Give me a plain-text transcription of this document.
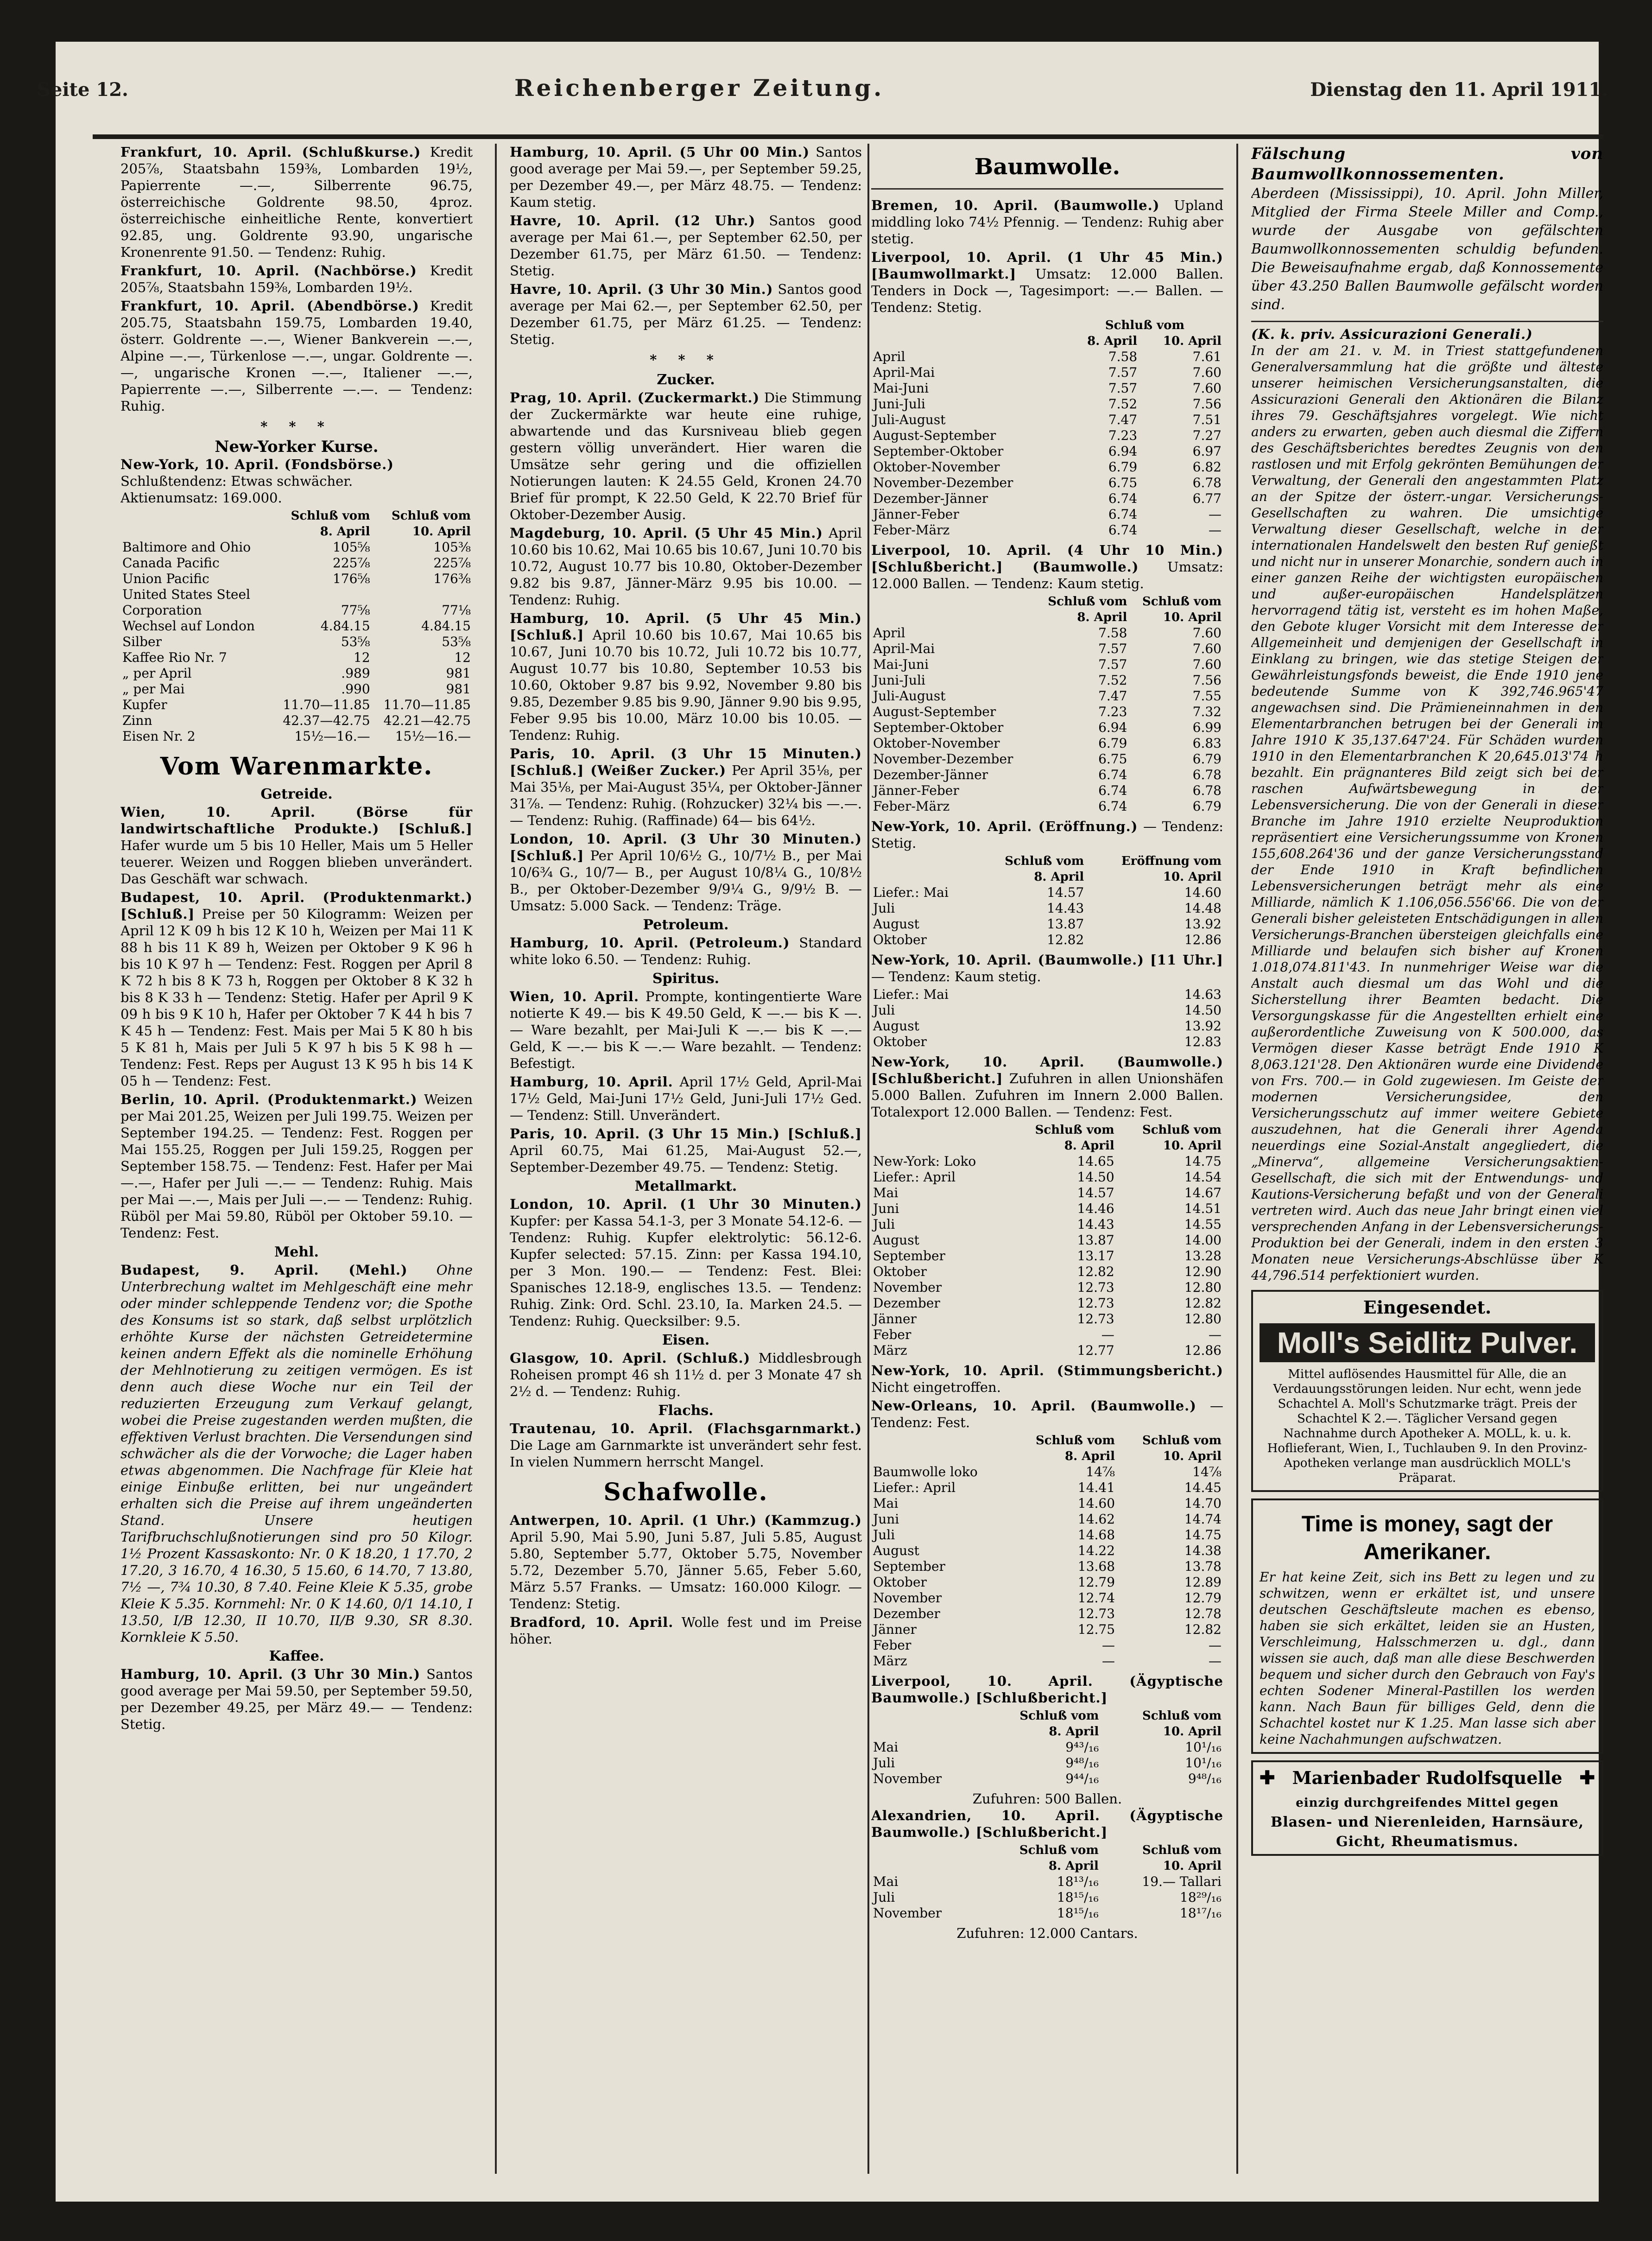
Seite 12.	Reichenberger Zeitung.	Dienstag den 11. April 1911.
Frankfurt, 10. April. (Schlußkurse.) Kredit 205⅞, Staatsbahn 159⅜, Lombarden 19½, Papierrente —.—, Silberrente 96.75, österreichische Goldrente 98.50, 4proz. österreichische einheitliche Rente, konvertiert 92.85, ung. Goldrente 93.90, ungarische Kronenrente 91.50. — Tendenz: Ruhig.
Frankfurt, 10. April. (Nachbörse.) Kredit 205⅞, Staatsbahn 159⅜, Lombarden 19½.
Frankfurt, 10. April. (Abendbörse.) Kredit 205.75, Staatsbahn 159.75, Lombarden 19.40, österr. Goldrente —.—, Wiener Bankverein —.—, Alpine —.—, Türkenlose —.—, ungar. Goldrente —.—, ungarische Kronen —.—, Italiener —.—, Papierrente —.—, Silberrente —.—. — Tendenz: Ruhig.
* * *
New-Yorker Kurse.
New-York, 10. April. (Fondsbörse.)
Schlußtendenz: Etwas schwächer.
Aktienumsatz: 169.000.
	Schluß vom	Schluß vom
	8. April	10. April
Baltimore and Ohio	105⅝	105⅜
Canada Pacific	225⅞	225⅞
Union Pacific	176⅝	176⅜
United States Steel		
Corporation	77⅝	77⅛
Wechsel auf London	4.84.15	4.84.15
Silber	53⅝	53⅝
Kaffee Rio Nr. 7	12	12
„ per April	.989	981
„ per Mai	.990	981
Kupfer	11.70—11.85	11.70—11.85
Zinn	42.37—42.75	42.21—42.75
Eisen Nr. 2	15½—16.—	15½—16.—
Vom Warenmarkte.
Getreide.
Wien, 10. April. (Börse für landwirtschaftliche Produkte.) [Schluß.] Hafer wurde um 5 bis 10 Heller, Mais um 5 Heller teuerer. Weizen und Roggen blieben unverändert. Das Geschäft war schwach.
Budapest, 10. April. (Produktenmarkt.) [Schluß.] Preise per 50 Kilogramm: Weizen per April 12 K 09 h bis 12 K 10 h, Weizen per Mai 11 K 88 h bis 11 K 89 h, Weizen per Oktober 9 K 96 h bis 10 K 97 h — Tendenz: Fest. Roggen per April 8 K 72 h bis 8 K 73 h, Roggen per Oktober 8 K 32 h bis 8 K 33 h — Tendenz: Stetig. Hafer per April 9 K 09 h bis 9 K 10 h, Hafer per Oktober 7 K 44 h bis 7 K 45 h — Tendenz: Fest. Mais per Mai 5 K 80 h bis 5 K 81 h, Mais per Juli 5 K 97 h bis 5 K 98 h — Tendenz: Fest. Reps per August 13 K 95 h bis 14 K 05 h — Tendenz: Fest.
Berlin, 10. April. (Produktenmarkt.) Weizen per Mai 201.25, Weizen per Juli 199.75. Weizen per September 194.25. — Tendenz: Fest. Roggen per Mai 155.25, Roggen per Juli 159.25, Roggen per September 158.75. — Tendenz: Fest. Hafer per Mai —.—, Hafer per Juli —.— — Tendenz: Ruhig. Mais per Mai —.—, Mais per Juli —.— — Tendenz: Ruhig. Rüböl per Mai 59.80, Rüböl per Oktober 59.10. — Tendenz: Fest.
Mehl.
Budapest, 9. April. (Mehl.) Ohne Unterbrechung waltet im Mehlgeschäft eine mehr oder minder schleppende Tendenz vor; die Spothe des Konsums ist so stark, daß selbst urplötzlich erhöhte Kurse der nächsten Getreidetermine keinen andern Effekt als die nominelle Erhöhung der Mehlnotierung zu zeitigen vermögen. Es ist denn auch diese Woche nur ein Teil der reduzierten Erzeugung zum Verkauf gelangt, wobei die Preise zugestanden werden mußten, die effektiven Verlust brachten. Die Versendungen sind schwächer als die der Vorwoche; die Lager haben etwas abgenommen. Die Nachfrage für Kleie hat einige Einbuße erlitten, bei nur ungeändert erhalten sich die Preise auf ihrem ungeänderten Stand. Unsere heutigen Tarifbruchschlußnotierungen sind pro 50 Kilogr. 1½ Prozent Kassaskonto: Nr. 0 K 18.20, 1 17.70, 2 17.20, 3 16.70, 4 16.30, 5 15.60, 6 14.70, 7 13.80, 7½ —, 7¾ 10.30, 8 7.40. Feine Kleie K 5.35, grobe Kleie K 5.35. Kornmehl: Nr. 0 K 14.60, 0/1 14.10, I 13.50, I/B 12.30, II 10.70, II/B 9.30, SR 8.30. Kornkleie K 5.50.
Kaffee.
Hamburg, 10. April. (3 Uhr 30 Min.) Santos good average per Mai 59.50, per September 59.50, per Dezember 49.25, per März 49.— — Tendenz: Stetig.
Hamburg, 10. April. (5 Uhr 00 Min.) Santos good average per Mai 59.—, per September 59.25, per Dezember 49.—, per März 48.75. — Tendenz: Kaum stetig.
Havre, 10. April. (12 Uhr.) Santos good average per Mai 61.—, per September 62.50, per Dezember 61.75, per März 61.50. — Tendenz: Stetig.
Havre, 10. April. (3 Uhr 30 Min.) Santos good average per Mai 62.—, per September 62.50, per Dezember 61.75, per März 61.25. — Tendenz: Stetig.
* * *
Zucker.
Prag, 10. April. (Zuckermarkt.) Die Stimmung der Zuckermärkte war heute eine ruhige, abwartende und das Kursniveau blieb gegen gestern völlig unverändert. Hier waren die Umsätze sehr gering und die offiziellen Notierungen lauten: K 24.55 Geld, Kronen 24.70 Brief für prompt, K 22.50 Geld, K 22.70 Brief für Oktober-Dezember Ausig.
Magdeburg, 10. April. (5 Uhr 45 Min.) April 10.60 bis 10.62, Mai 10.65 bis 10.67, Juni 10.70 bis 10.72, August 10.77 bis 10.80, Oktober-Dezember 9.82 bis 9.87, Jänner-März 9.95 bis 10.00. — Tendenz: Ruhig.
Hamburg, 10. April. (5 Uhr 45 Min.) [Schluß.] April 10.60 bis 10.67, Mai 10.65 bis 10.67, Juni 10.70 bis 10.72, Juli 10.72 bis 10.77, August 10.77 bis 10.80, September 10.53 bis 10.60, Oktober 9.87 bis 9.92, November 9.80 bis 9.85, Dezember 9.85 bis 9.90, Jänner 9.90 bis 9.95, Feber 9.95 bis 10.00, März 10.00 bis 10.05. — Tendenz: Ruhig.
Paris, 10. April. (3 Uhr 15 Minuten.) [Schluß.] (Weißer Zucker.) Per April 35⅛, per Mai 35⅛, per Mai-August 35¼, per Oktober-Jänner 31⅞. — Tendenz: Ruhig. (Rohzucker) 32¼ bis —.—. — Tendenz: Ruhig. (Raffinade) 64— bis 64½.
London, 10. April. (3 Uhr 30 Minuten.) [Schluß.] Per April 10/6½ G., 10/7½ B., per Mai 10/6¾ G., 10/7— B., per August 10/8¼ G., 10/8½ B., per Oktober-Dezember 9/9¼ G., 9/9½ B. — Umsatz: 5.000 Sack. — Tendenz: Träge.
Petroleum.
Hamburg, 10. April. (Petroleum.) Standard white loko 6.50. — Tendenz: Ruhig.
Spiritus.
Wien, 10. April. Prompte, kontingentierte Ware notierte K 49.— bis K 49.50 Geld, K —.— bis K —.— Ware bezahlt, per Mai-Juli K —.— bis K —.— Geld, K —.— bis K —.— Ware bezahlt. — Tendenz: Befestigt.
Hamburg, 10. April. April 17½ Geld, April-Mai 17½ Geld, Mai-Juni 17½ Geld, Juni-Juli 17½ Ged. — Tendenz: Still. Unverändert.
Paris, 10. April. (3 Uhr 15 Min.) [Schluß.] April 60.75, Mai 61.25, Mai-August 52.—, September-Dezember 49.75. — Tendenz: Stetig.
Metallmarkt.
London, 10. April. (1 Uhr 30 Minuten.) Kupfer: per Kassa 54.1-3, per 3 Monate 54.12-6. — Tendenz: Ruhig. Kupfer elektrolytic: 56.12-6. Kupfer selected: 57.15. Zinn: per Kassa 194.10, per 3 Mon. 190.— — Tendenz: Fest. Blei: Spanisches 12.18-9, englisches 13.5. — Tendenz: Ruhig. Zink: Ord. Schl. 23.10, Ia. Marken 24.5. — Tendenz: Ruhig. Quecksilber: 9.5.
Eisen.
Glasgow, 10. April. (Schluß.) Middlesbrough Roheisen prompt 46 sh 11½ d. per 3 Monate 47 sh 2½ d. — Tendenz: Ruhig.
Flachs.
Trautenau, 10. April. (Flachsgarnmarkt.) Die Lage am Garnmarkte ist unverändert sehr fest. In vielen Nummern herrscht Mangel.
Schafwolle.
Antwerpen, 10. April. (1 Uhr.) (Kammzug.) April 5.90, Mai 5.90, Juni 5.87, Juli 5.85, August 5.80, September 5.77, Oktober 5.75, November 5.72, Dezember 5.70, Jänner 5.65, Feber 5.60, März 5.57 Franks. — Umsatz: 160.000 Kilogr. — Tendenz: Stetig.
Bradford, 10. April. Wolle fest und im Preise höher.
Baumwolle.
Bremen, 10. April. (Baumwolle.) Upland middling loko 74½ Pfennig. — Tendenz: Ruhig aber stetig.
Liverpool, 10. April. (1 Uhr 45 Min.) [Baumwollmarkt.] Umsatz: 12.000 Ballen. Tenders in Dock —, Tagesimport: —.— Ballen. — Tendenz: Stetig.
	Schluß vom	
	8. April	10. April
April	7.58	7.61
April-Mai	7.57	7.60
Mai-Juni	7.57	7.60
Juni-Juli	7.52	7.56
Juli-August	7.47	7.51
August-September	7.23	7.27
September-Oktober	6.94	6.97
Oktober-November	6.79	6.82
November-Dezember	6.75	6.78
Dezember-Jänner	6.74	6.77
Jänner-Feber	6.74	—
Feber-März	6.74	—
Liverpool, 10. April. (4 Uhr 10 Min.) [Schlußbericht.] (Baumwolle.) Umsatz: 12.000 Ballen. — Tendenz: Kaum stetig.
	Schluß vom	Schluß vom
	8. April	10. April
April	7.58	7.60
April-Mai	7.57	7.60
Mai-Juni	7.57	7.60
Juni-Juli	7.52	7.56
Juli-August	7.47	7.55
August-September	7.23	7.32
September-Oktober	6.94	6.99
Oktober-November	6.79	6.83
November-Dezember	6.75	6.79
Dezember-Jänner	6.74	6.78
Jänner-Feber	6.74	6.78
Feber-März	6.74	6.79
New-York, 10. April. (Eröffnung.) — Tendenz: Stetig.
	Schluß vom	Eröffnung vom
	8. April	10. April
Liefer.: Mai	14.57	14.60
Juli	14.43	14.48
August	13.87	13.92
Oktober	12.82	12.86
New-York, 10. April. (Baumwolle.) [11 Uhr.] — Tendenz: Kaum stetig.
Liefer.: Mai		14.63
Juli		14.50
August		13.92
Oktober		12.83
New-York, 10. April. (Baumwolle.) [Schlußbericht.] Zufuhren in allen Unionshäfen 5.000 Ballen. Zufuhren im Innern 2.000 Ballen. Totalexport 12.000 Ballen. — Tendenz: Fest.
	Schluß vom	Schluß vom
	8. April	10. April
New-York: Loko	14.65	14.75
Liefer.: April	14.50	14.54
Mai	14.57	14.67
Juni	14.46	14.51
Juli	14.43	14.55
August	13.87	14.00
September	13.17	13.28
Oktober	12.82	12.90
November	12.73	12.80
Dezember	12.73	12.82
Jänner	12.73	12.80
Feber	—	—
März	12.77	12.86
New-York, 10. April. (Stimmungsbericht.) Nicht eingetroffen.
New-Orleans, 10. April. (Baumwolle.) — Tendenz: Fest.
	Schluß vom	Schluß vom
	8. April	10. April
Baumwolle loko	14⅞	14⅞
Liefer.: April	14.41	14.45
Mai	14.60	14.70
Juni	14.62	14.74
Juli	14.68	14.75
August	14.22	14.38
September	13.68	13.78
Oktober	12.79	12.89
November	12.74	12.79
Dezember	12.73	12.78
Jänner	12.75	12.82
Feber	—	—
März	—	—
Liverpool, 10. April. (Ägyptische Baumwolle.) [Schlußbericht.]
	Schluß vom	Schluß vom
	8. April	10. April
Mai	9⁴³/₁₆	10¹/₁₆
Juli	9⁴⁸/₁₆	10¹/₁₆
November	9⁴⁴/₁₆	9⁴⁸/₁₆
Zufuhren: 500 Ballen.
Alexandrien, 10. April. (Ägyptische Baumwolle.) [Schlußbericht.]
	Schluß vom	Schluß vom
	8. April	10. April
Mai	18¹³/₁₆	19.— Tallari
Juli	18¹⁵/₁₆	18²⁹/₁₆
November	18¹⁵/₁₆	18¹⁷/₁₆
Zufuhren: 12.000 Cantars.
Fälschung von Baumwollkonnossementen.
Aberdeen (Mississippi), 10. April. John Miller, Mitglied der Firma Steele Miller and Comp., wurde der Ausgabe von gefälschten Baumwollkonnossementen schuldig befunden. Die Beweisaufnahme ergab, daß Konnossemente über 43.250 Ballen Baumwolle gefälscht worden sind.
(K. k. priv. Assicurazioni Generali.)
In der am 21. v. M. in Triest stattgefundenen Generalversammlung hat die größte und älteste unserer heimischen Versicherungsanstalten, die Assicurazioni Generali den Aktionären die Bilanz ihres 79. Geschäftsjahres vorgelegt. Wie nicht anders zu erwarten, geben auch diesmal die Ziffern des Geschäftsberichtes beredtes Zeugnis von den rastlosen und mit Erfolg gekrönten Bemühungen der Verwaltung, der Generali den angestammten Platz an der Spitze der österr.-ungar. Versicherungs-Gesellschaften zu wahren. Die umsichtige Verwaltung dieser Gesellschaft, welche in der internationalen Handelswelt den besten Ruf genießt und nicht nur in unserer Monarchie, sondern auch in einer ganzen Reihe der wichtigsten europäischen und außer-europäischen Handelsplätzen hervorragend tätig ist, versteht es im hohen Maße, den Gebote kluger Vorsicht mit dem Interesse der Allgemeinheit und demjenigen der Gesellschaft in Einklang zu bringen, wie das stetige Steigen der Gewährleistungsfonds beweist, die Ende 1910 jene bedeutende Summe von K 392,746.965'47 angewachsen sind. Die Prämieneinnahmen in den Elementarbranchen betrugen bei der Generali im Jahre 1910 K 35,137.647'24. Für Schäden wurden 1910 in den Elementarbranchen K 20,645.013'74 h bezahlt. Ein prägnanteres Bild zeigt sich bei der raschen Aufwärtsbewegung in der Lebensversicherung. Die von der Generali in dieser Branche im Jahre 1910 erzielte Neuproduktion repräsentiert eine Versicherungssumme von Kronen 155,608.264'36 und der ganze Versicherungsstand der Ende 1910 in Kraft befindlichen Lebensversicherungen beträgt mehr als eine Milliarde, nämlich K 1.106,056.556'66. Die von der Generali bisher geleisteten Entschädigungen in allen Versicherungs-Branchen übersteigen gleichfalls eine Milliarde und belaufen sich bisher auf Kronen 1.018,074.811'43. In nunmehriger Weise war die Anstalt auch diesmal um das Wohl und die Sicherstellung ihrer Beamten bedacht. Die Versorgungskasse für die Angestellten erhielt eine außerordentliche Zuweisung von K 500.000, das Vermögen dieser Kasse beträgt Ende 1910 K 8,063.121'28. Den Aktionären wurde eine Dividende von Frs. 700.— in Gold zugewiesen. Im Geiste der modernen Versicherungsidee, den Versicherungsschutz auf immer weitere Gebiete auszudehnen, hat die Generali ihrer Agenda neuerdings eine Sozial-Anstalt angegliedert, die „Minerva“, allgemeine Versicherungsaktien-Gesellschaft, die sich mit der Entwendungs- und Kautions-Versicherung befaßt und von der Generali vertreten wird. Auch das neue Jahr bringt einen viel versprechenden Anfang in der Lebensversicherungs-Produktion bei der Generali, indem in den ersten 3 Monaten neue Versicherungs-Abschlüsse über K 44,796.514 perfektioniert wurden.
Eingesendet.
Moll's Seidlitz Pulver.
Mittel auflösendes Hausmittel für Alle, die an Verdauungsstörungen leiden. Nur echt, wenn jede Schachtel A. Moll's Schutzmarke trägt. Preis der Schachtel K 2.—. Täglicher Versand gegen Nachnahme durch Apotheker A. MOLL, k. u. k. Hoflieferant, Wien, I., Tuchlauben 9. In den Provinz-Apotheken verlange man ausdrücklich MOLL's Präparat.
Time is money, sagt der Amerikaner.
Er hat keine Zeit, sich ins Bett zu legen und zu schwitzen, wenn er erkältet ist, und unsere deutschen Geschäftsleute machen es ebenso, haben sie sich erkältet, leiden sie an Husten, Verschleimung, Halsschmerzen u. dgl., dann wissen sie auch, daß man alle diese Beschwerden bequem und sicher durch den Gebrauch von Fay's echten Sodener Mineral-Pastillen los werden kann. Nach Baun für billiges Geld, denn die Schachtel kostet nur K 1.25. Man lasse sich aber keine Nachahmungen aufschwatzen.
✚ Marienbader Rudolfsquelle ✚
einzig durchgreifendes Mittel gegen
Blasen- und Nierenleiden, Harnsäure,
Gicht, Rheumatismus.
